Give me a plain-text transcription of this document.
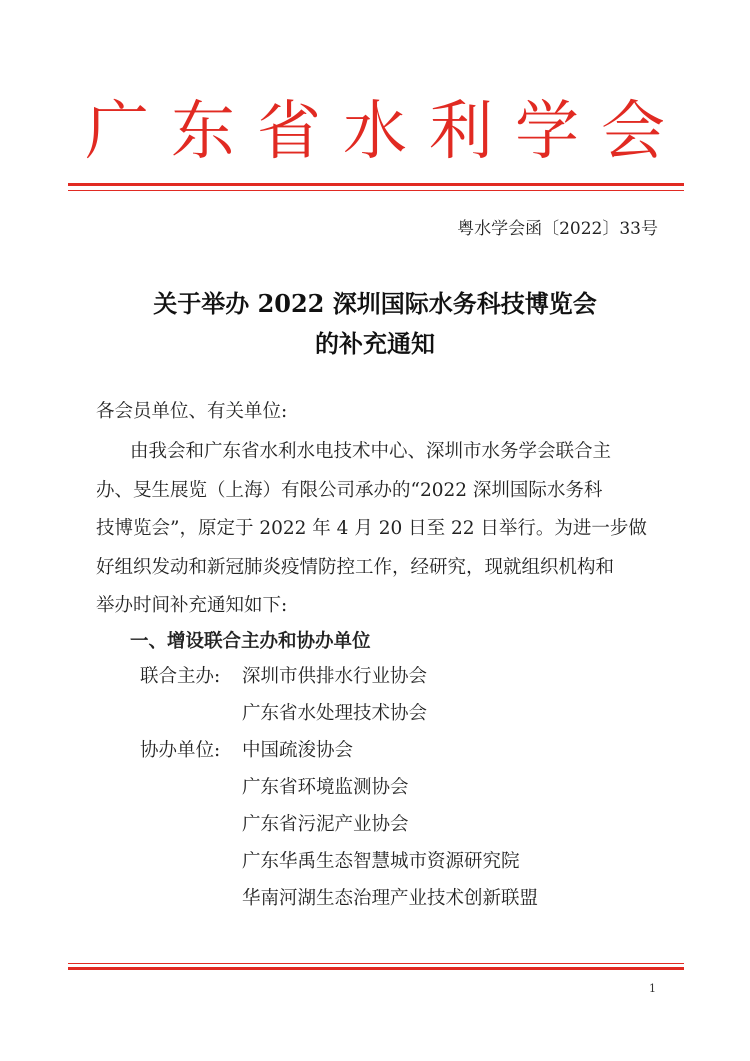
广东省水利学会
粤水学会函〔2022〕33号
关于举办 2022 深圳国际水务科技博览会
的补充通知
各会员单位、有关单位:
由我会和广东省水利水电技术中心、深圳市水务学会联合主
办、旻生展览（上海）有限公司承办的“2022 深圳国际水务科
技博览会”，原定于 2022 年 4 月 20 日至 22 日举行。为进一步做
好组织发动和新冠肺炎疫情防控工作，经研究，现就组织机构和
举办时间补充通知如下:
一、增设联合主办和协办单位
联合主办: 深圳市供排水行业协会
广东省水处理技术协会
协办单位: 中国疏浚协会
广东省环境监测协会
广东省污泥产业协会
广东华禹生态智慧城市资源研究院
华南河湖生态治理产业技术创新联盟
1
